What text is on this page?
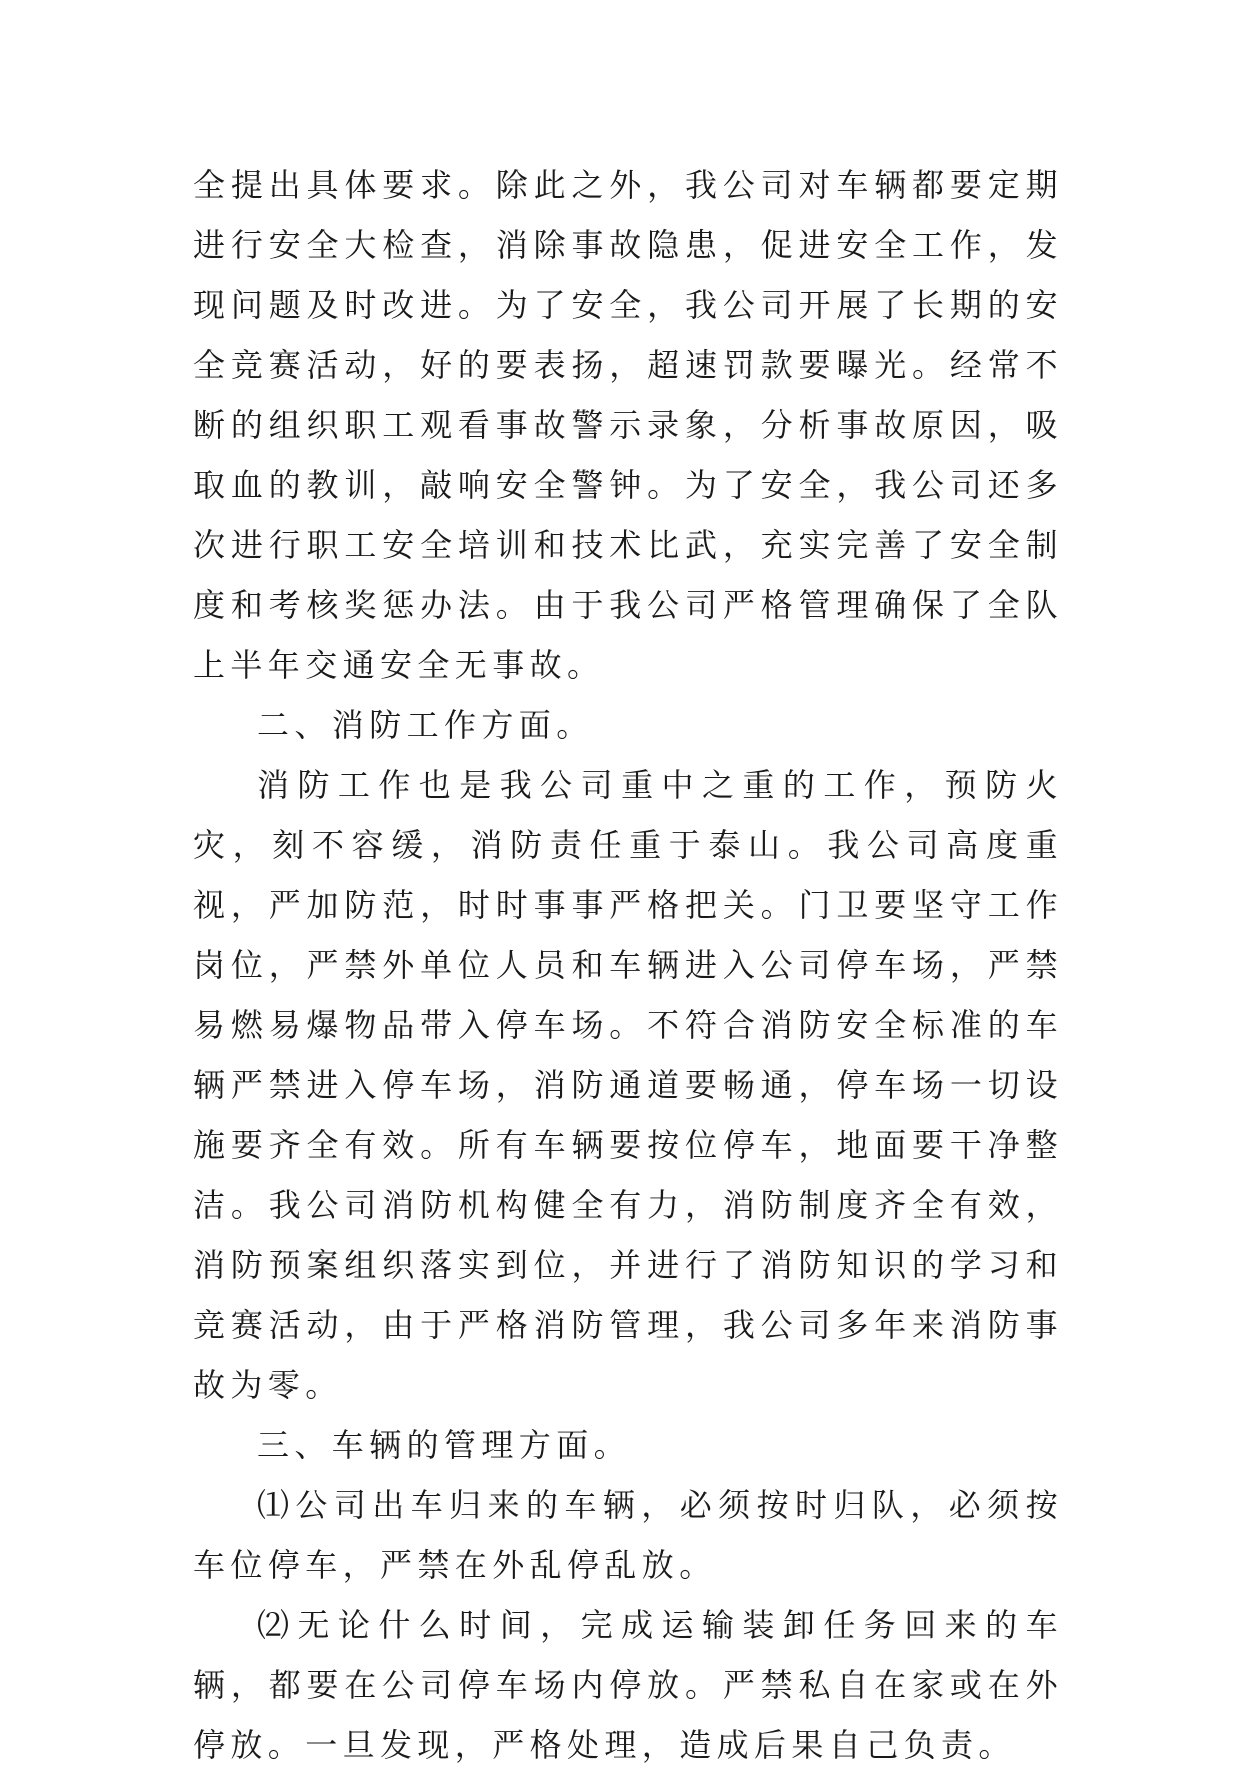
全提出具体要求。除此之外，我公司对车辆都要定期进行安全大检查，消除事故隐患，促进安全工作，发现问题及时改进。为了安全，我公司开展了长期的安全竞赛活动，好的要表扬，超速罚款要曝光。经常不断的组织职工观看事故警示录象，分析事故原因，吸取血的教训，敲响安全警钟。为了安全，我公司还多次进行职工安全培训和技术比武，充实完善了安全制度和考核奖惩办法。由于我公司严格管理确保了全队上半年交通安全无事故。

二、消防工作方面。

消防工作也是我公司重中之重的工作，预防火灾，刻不容缓，消防责任重于泰山。我公司高度重视，严加防范，时时事事严格把关。门卫要坚守工作岗位，严禁外单位人员和车辆进入公司停车场，严禁易燃易爆物品带入停车场。不符合消防安全标准的车辆严禁进入停车场，消防通道要畅通，停车场一切设施要齐全有效。所有车辆要按位停车，地面要干净整洁。我公司消防机构健全有力，消防制度齐全有效，消防预案组织落实到位，并进行了消防知识的学习和竞赛活动，由于严格消防管理，我公司多年来消防事故为零。

三、车辆的管理方面。

⑴公司出车归来的车辆，必须按时归队，必须按车位停车，严禁在外乱停乱放。

⑵无论什么时间，完成运输装卸任务回来的车辆，都要在公司停车场内停放。严禁私自在家或在外停放。一旦发现，严格处理，造成后果自己负责。
